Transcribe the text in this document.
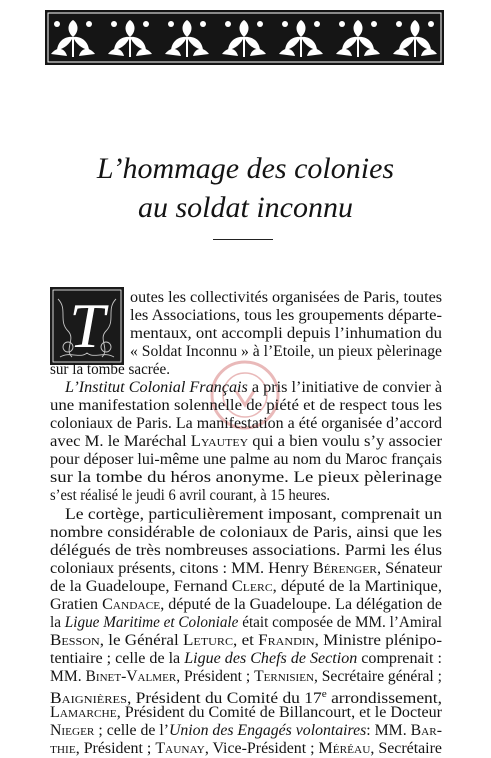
L’hommage des colonies
au soldat inconnu
T outes les collectivités organisées de Paris, toutes
les Associations, tous les groupements départe-
mentaux, ont accompli depuis l’inhumation du
« Soldat Inconnu » à l’Etoile, un pieux pèlerinage
sur la tombe sacrée.
L’Institut Colonial Français a pris l’initiative de convier à
une manifestation solennelle de piété et de respect tous les
coloniaux de Paris. La manifestation a été organisée d’accord
avec M. le Maréchal Lyautey qui a bien voulu s’y associer
pour déposer lui-même une palme au nom du Maroc français
sur la tombe du héros anonyme. Le pieux pèlerinage
s’est réalisé le jeudi 6 avril courant, à 15 heures.
Le cortège, particulièrement imposant, comprenait un
nombre considérable de coloniaux de Paris, ainsi que les
délégués de très nombreuses associations. Parmi les élus
coloniaux présents, citons : MM. Henry Bérenger, Sénateur
de la Guadeloupe, Fernand Clerc, député de la Martinique,
Gratien Candace, député de la Guadeloupe. La délégation de
la Ligue Maritime et Coloniale était composée de MM. l’Amiral
Besson, le Général Leturc, et Frandin, Ministre plénipo-
tentiaire ; celle de la Ligue des Chefs de Section comprenait :
MM. Binet-Valmer, Président ; Ternisien, Secrétaire général ;
Baignières, Président du Comité du 17e arrondissement,
Lamarche, Président du Comité de Billancourt, et le Docteur
Nieger ; celle de l’Union des Engagés volontaires: MM. Bar-
thie, Président ; Taunay, Vice-Président ; Méréau, Secrétaire
